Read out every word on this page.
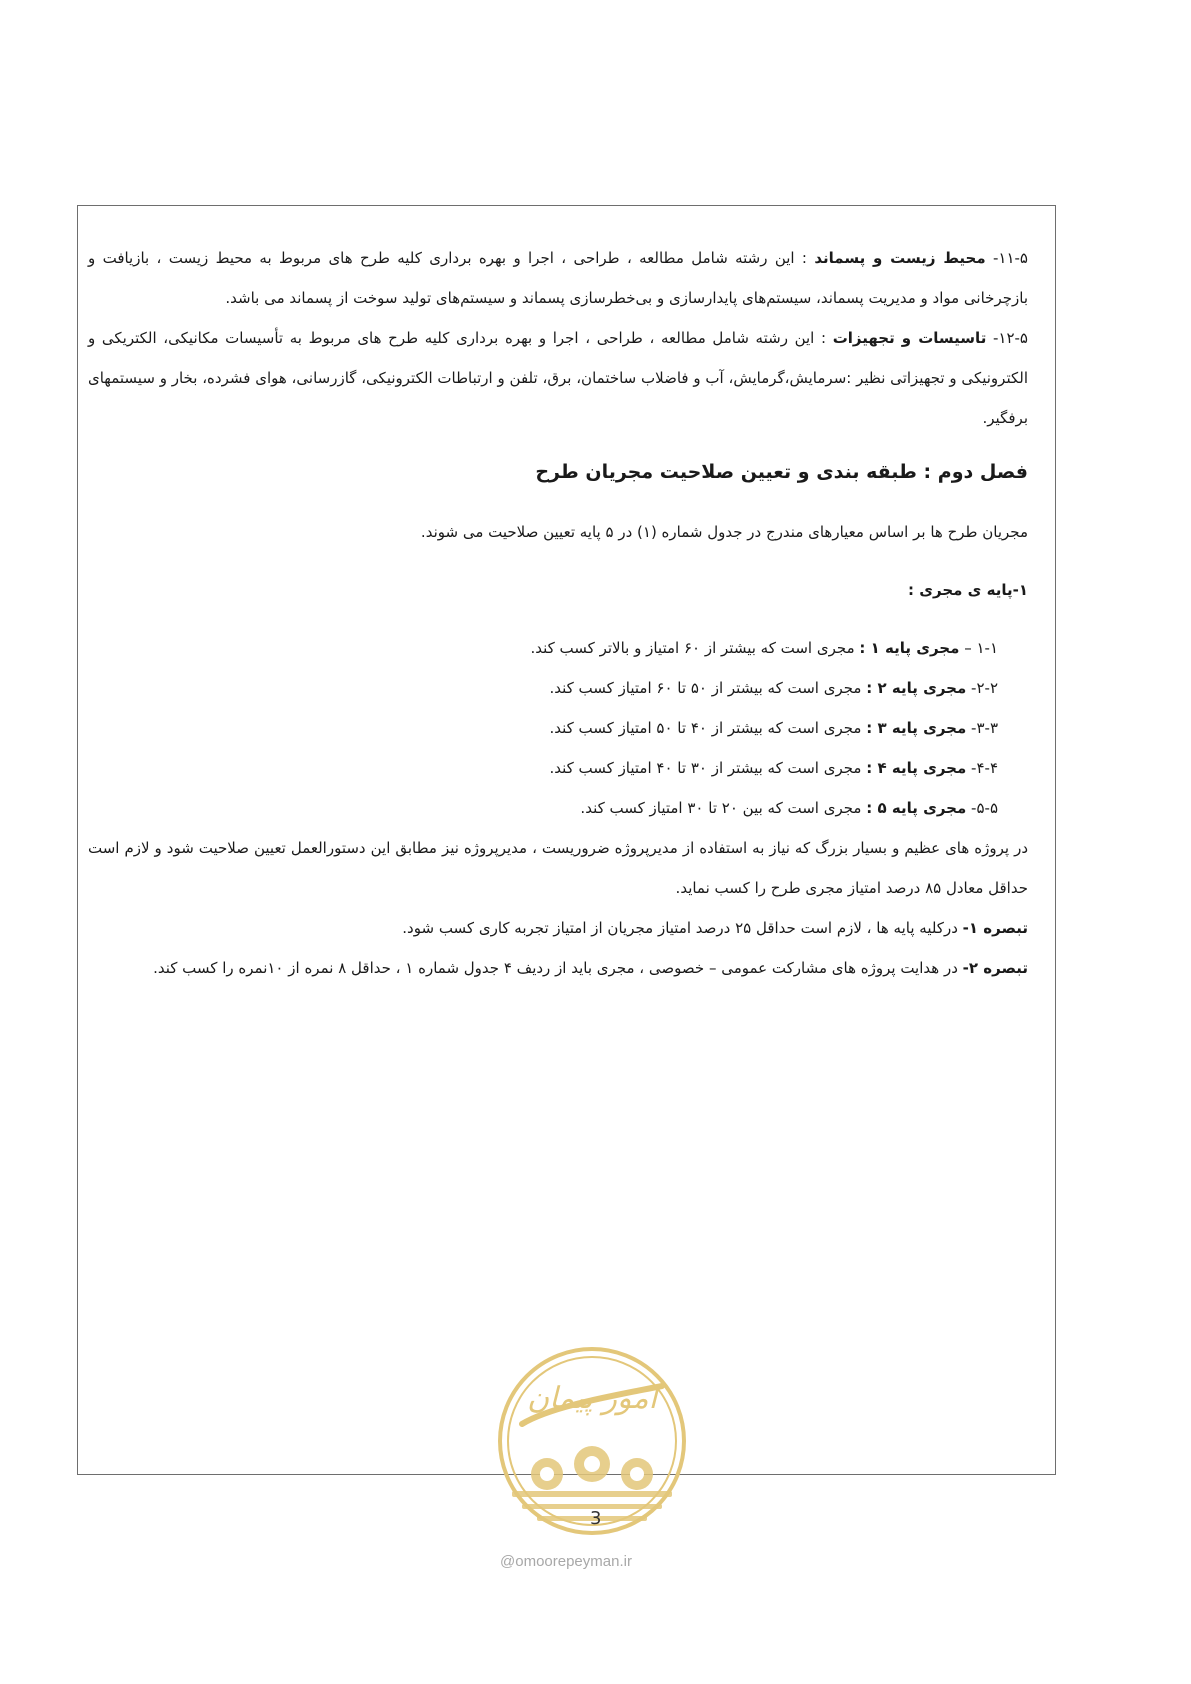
۱۱-۵- محیط زیست و پسماند : این رشته شامل مطالعه ، طراحی ، اجرا و بهره برداری کلیه طرح های مربوط به محیط زیست ، بازیافت و بازچرخانی مواد و مدیریت پسماند، سیستم‌های پایدارسازی و بی‌خطرسازی پسماند و سیستم‌های تولید سوخت از پسماند می باشد.

۱۲-۵- تاسیسات و تجهیزات : این رشته شامل مطالعه ، طراحی ، اجرا و بهره برداری کلیه طرح های مربوط به تأسیسات مکانیکی، الکتریکی و الکترونیکی و تجهیزاتی نظیر :سرمایش،گرمایش، آب و فاضلاب ساختمان، برق، تلفن و ارتباطات الکترونیکی، گازرسانی، هوای فشرده، بخار و سیستمهای برفگیر.

فصل دوم : طبقه بندی و تعیین صلاحیت مجریان طرح

مجریان طرح ها بر اساس معیارهای مندرج در جدول شماره (۱) در ۵ پایه تعیین صلاحیت می شوند.

۱-پایه ی مجری :

۱-۱ – مجری پایه ۱ : مجری است که بیشتر از ۶۰ امتیاز و بالاتر کسب کند.

۲-۲- مجری پایه ۲ : مجری است که بیشتر از ۵۰ تا ۶۰ امتیاز کسب کند.

۳-۳- مجری پایه ۳ : مجری است که بیشتر از ۴۰ تا ۵۰ امتیاز کسب کند.

۴-۴- مجری پایه ۴ : مجری است که بیشتر از ۳۰ تا ۴۰ امتیاز کسب کند.

۵-۵- مجری پایه ۵ : مجری است که بین ۲۰ تا ۳۰ امتیاز کسب کند.

در پروژه های عظیم و بسیار بزرگ که نیاز به استفاده از مدیرپروژه ضروریست ، مدیرپروژه نیز مطابق این دستورالعمل تعیین صلاحیت شود و لازم است حداقل معادل ۸۵ درصد امتیاز مجری طرح را کسب نماید.

تبصره ۱- درکلیه پایه ها ، لازم است حداقل ۲۵ درصد امتیاز مجریان از امتیاز تجربه کاری کسب شود.

تبصره ۲- در هدایت پروژه های مشارکت عمومی – خصوصی ، مجری باید از ردیف ۴ جدول شماره ۱ ، حداقل ۸ نمره از ۱۰نمره را کسب کند.

امور پیمان
3
@omoorepeyman.ir
